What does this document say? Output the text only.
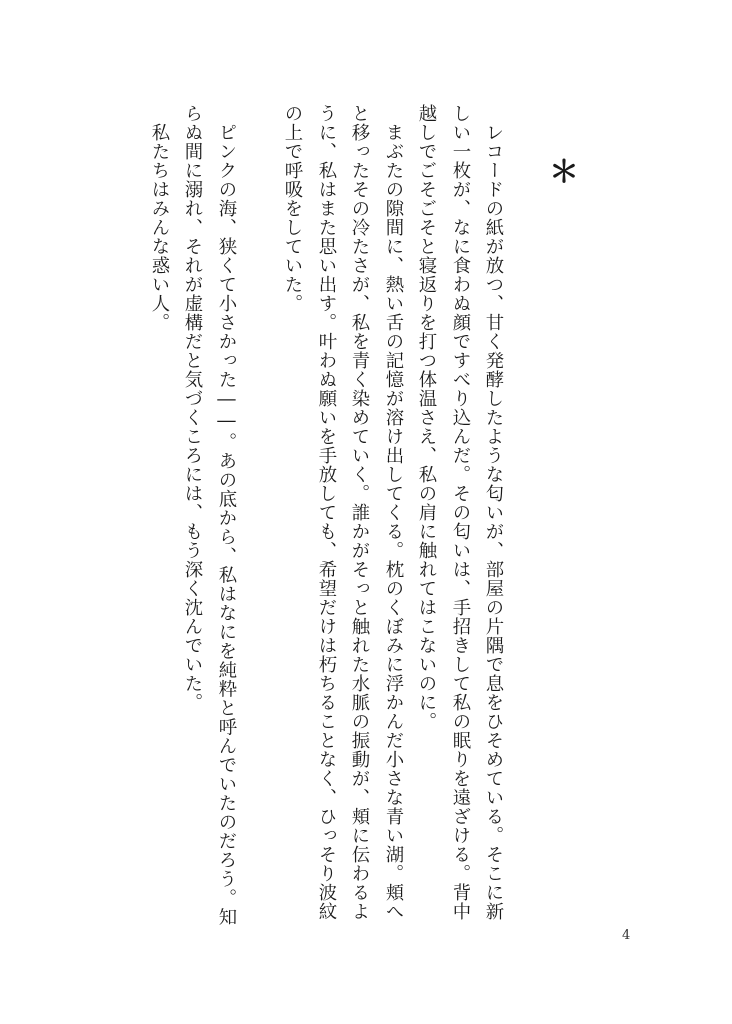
＊
レコードの紙が放つ、甘く発酵したような匂いが、部屋の片隅で息をひそめている。そこに新
しい一枚が、なに食わぬ顔ですべり込んだ。その匂いは、手招きして私の眠りを遠ざける。背中
越しでごそごそと寝返りを打つ体温さえ、私の肩に触れてはこないのに。
まぶたの隙間に、熱い舌の記憶が溶け出してくる。枕のくぼみに浮かんだ小さな青い湖。頬へ
と移ったその冷たさが、私を青く染めていく。誰かがそっと触れた水脈の振動が、頬に伝わるよ
うに、私はまた思い出す。叶わぬ願いを手放しても、希望だけは朽ちることなく、ひっそり波紋
の上で呼吸をしていた。
ピンクの海、狭くて小さかった――。あの底から、私はなにを純粋と呼んでいたのだろう。知
らぬ間に溺れ、それが虚構だと気づくころには、もう深く沈んでいた。
私たちはみんな惑い人。
4
